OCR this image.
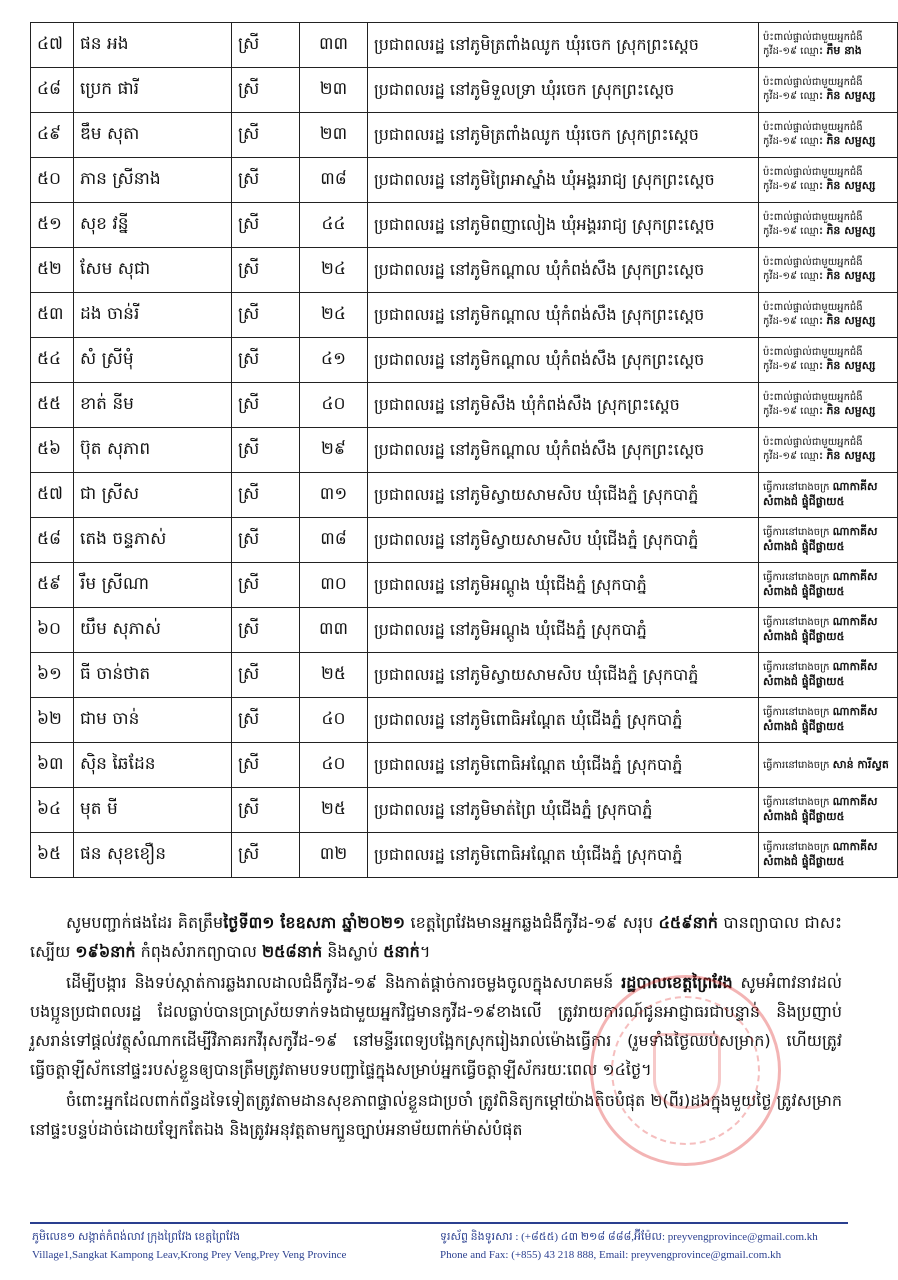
៤៧	ផន អង	ស្រី	៣៣	ប្រជាពលរដ្ឋ នៅភូមិត្រពាំងឈូក ឃុំរចេក ស្រុកព្រះស្ដេច	ប៉ះពាល់ផ្ទាល់ជាមួយអ្នកជំងឺ កូវីដ-១៩ ឈ្មោះ ភឹម នាង
៤៨	ប្រេក ផារី	ស្រី	២៣	ប្រជាពលរដ្ឋ នៅភូមិទួលទ្រា ឃុំរចេក ស្រុកព្រះស្ដេច	ប៉ះពាល់ផ្ទាល់ជាមួយអ្នកជំងឺ កូវីដ-១៩ ឈ្មោះ ភិន សម្ផស្ស
៤៩	ឌឹម សុតា	ស្រី	២៣	ប្រជាពលរដ្ឋ នៅភូមិត្រពាំងឈូក ឃុំរចេក ស្រុកព្រះស្ដេច	ប៉ះពាល់ផ្ទាល់ជាមួយអ្នកជំងឺ កូវីដ-១៩ ឈ្មោះ ភិន សម្ផស្ស
៥០	ភាន ស្រីនាង	ស្រី	៣៨	ប្រជាពលរដ្ឋ នៅភូមិព្រៃអាស្នាំង ឃុំអង្គររាជ្យ ស្រុកព្រះស្ដេច	ប៉ះពាល់ផ្ទាល់ជាមួយអ្នកជំងឺ កូវីដ-១៩ ឈ្មោះ ភិន សម្ផស្ស
៥១	សុខ វន្នី	ស្រី	៤៤	ប្រជាពលរដ្ឋ នៅភូមិពញាលៀង ឃុំអង្គររាជ្យ ស្រុកព្រះស្ដេច	ប៉ះពាល់ផ្ទាល់ជាមួយអ្នកជំងឺ កូវីដ-១៩ ឈ្មោះ ភិន សម្ផស្ស
៥២	សែម សុជា	ស្រី	២៤	ប្រជាពលរដ្ឋ នៅភូមិកណ្ដាល ឃុំកំពង់សឹង ស្រុកព្រះស្ដេច	ប៉ះពាល់ផ្ទាល់ជាមួយអ្នកជំងឺ កូវីដ-១៩ ឈ្មោះ ភិន សម្ផស្ស
៥៣	ដង ចាន់រី	ស្រី	២៤	ប្រជាពលរដ្ឋ នៅភូមិកណ្ដាល ឃុំកំពង់សឹង ស្រុកព្រះស្ដេច	ប៉ះពាល់ផ្ទាល់ជាមួយអ្នកជំងឺ កូវីដ-១៩ ឈ្មោះ ភិន សម្ផស្ស
៥៤	សំ ស្រីមុំ	ស្រី	៤១	ប្រជាពលរដ្ឋ នៅភូមិកណ្ដាល ឃុំកំពង់សឹង ស្រុកព្រះស្ដេច	ប៉ះពាល់ផ្ទាល់ជាមួយអ្នកជំងឺ កូវីដ-១៩ ឈ្មោះ ភិន សម្ផស្ស
៥៥	ខាត់ នីម	ស្រី	៤០	ប្រជាពលរដ្ឋ នៅភូមិសឹង ឃុំកំពង់សឹង ស្រុកព្រះស្ដេច	ប៉ះពាល់ផ្ទាល់ជាមួយអ្នកជំងឺ កូវីដ-១៩ ឈ្មោះ ភិន សម្ផស្ស
៥៦	ប៊ុត សុភាព	ស្រី	២៩	ប្រជាពលរដ្ឋ នៅភូមិកណ្ដាល ឃុំកំពង់សឹង ស្រុកព្រះស្ដេច	ប៉ះពាល់ផ្ទាល់ជាមួយអ្នកជំងឺ កូវីដ-១៩ ឈ្មោះ ភិន សម្ផស្ស
៥៧	ជា ស្រីស	ស្រី	៣១	ប្រជាពលរដ្ឋ នៅភូមិស្វាយសាមសិប ឃុំជើងភ្នំ ស្រុកបាភ្នំ	ធ្វើការនៅរោងចក្រ ណាកាគីស សំពាងជំ ផ្ទុំជីផ្លាយ៥
៥៨	តេង ចន្ទភាស់	ស្រី	៣៨	ប្រជាពលរដ្ឋ នៅភូមិស្វាយសាមសិប ឃុំជើងភ្នំ ស្រុកបាភ្នំ	ធ្វើការនៅរោងចក្រ ណាកាគីស សំពាងជំ ផ្ទុំជីផ្លាយ៥
៥៩	រឹម ស្រីណា	ស្រី	៣០	ប្រជាពលរដ្ឋ នៅភូមិអណ្ដូង ឃុំជើងភ្នំ ស្រុកបាភ្នំ	ធ្វើការនៅរោងចក្រ ណាកាគីស សំពាងជំ ផ្ទុំជីផ្លាយ៥
៦០	យឹម សុភាស់	ស្រី	៣៣	ប្រជាពលរដ្ឋ នៅភូមិអណ្ដូង ឃុំជើងភ្នំ ស្រុកបាភ្នំ	ធ្វើការនៅរោងចក្រ ណាកាគីស សំពាងជំ ផ្ទុំជីផ្លាយ៥
៦១	ធី ចាន់ថាត	ស្រី	២៥	ប្រជាពលរដ្ឋ នៅភូមិស្វាយសាមសិប ឃុំជើងភ្នំ ស្រុកបាភ្នំ	ធ្វើការនៅរោងចក្រ ណាកាគីស សំពាងជំ ផ្ទុំជីផ្លាយ៥
៦២	ជាម ចាន់	ស្រី	៤០	ប្រជាពលរដ្ឋ នៅភូមិពោធិអណ្ដែត ឃុំជើងភ្នំ ស្រុកបាភ្នំ	ធ្វើការនៅរោងចក្រ ណាកាគីស សំពាងជំ ផ្ទុំជីផ្លាយ៥
៦៣	ស៊ិន ឆៃដែន	ស្រី	៤០	ប្រជាពលរដ្ឋ នៅភូមិពោធិអណ្ដែត ឃុំជើងភ្នំ ស្រុកបាភ្នំ	ធ្វើការនៅរោងចក្រ សាន់ ការីស្វត
៦៤	មុត មី	ស្រី	២៥	ប្រជាពលរដ្ឋ នៅភូមិមាត់ព្រៃ ឃុំជើងភ្នំ ស្រុកបាភ្នំ	ធ្វើការនៅរោងចក្រ ណាកាគីស សំពាងជំ ផ្ទុំជីផ្លាយ៥
៦៥	ផន សុខខឿន	ស្រី	៣២	ប្រជាពលរដ្ឋ នៅភូមិពោធិអណ្ដែត ឃុំជើងភ្នំ ស្រុកបាភ្នំ	ធ្វើការនៅរោងចក្រ ណាកាគីស សំពាងជំ ផ្ទុំជីផ្លាយ៥

សូមបញ្ជាក់ផងដែរ គិតត្រឹមថ្ងៃទី៣១ ខែឧសភា ឆ្នាំ២០២១ ខេត្តព្រៃវែងមានអ្នកឆ្លងជំងឺកូវីដ-១៩ សរុប ៤៥៩នាក់ បានព្យាបាល ជាសះស្បើយ ១៩៦នាក់ កំពុងសំរាកព្យាបាល ២៥៨នាក់ និងស្លាប់ ៥នាក់។

ដើម្បីបង្ការ និងទប់ស្កាត់ការឆ្លងរាលដាលជំងឺកូវីដ-១៩ និងកាត់ផ្ដាច់ការចម្លងចូលក្នុងសហគមន៍ រដ្ឋបាលខេត្តព្រៃវែង សូមអំពាវនាវដល់ បងប្អូនប្រជាពលរដ្ឋ ដែលធ្លាប់បានប្រាស្រ័យទាក់ទងជាមួយអ្នកវិជ្ជមានកូវីដ-១៩ខាងលើ ត្រូវរាយការណ៍ជូនអាជ្ញាធរជាបន្ទាន់ និងប្រញាប់រួសរាន់ទៅផ្ដល់វត្ថុសំណាកដើម្បីវិភាគរកវីរុសកូវីដ-១៩ នៅមន្ទីរពេទ្យបង្អែកស្រុករៀងរាល់ម៉ោងធ្វើការ (រួមទាំងថ្ងៃឈប់សម្រាក) ហើយត្រូវធ្វើចត្តាឡីស័កនៅផ្ទះរបស់ខ្លួនឲ្យបានត្រឹមត្រូវតាមបទបញ្ជាផ្ទៃក្នុងសម្រាប់អ្នកធ្វើចត្តាឡីស័ករយៈពេល ១៤ថ្ងៃ។

ចំពោះអ្នកដែលពាក់ព័ន្ធដទៃទៀតត្រូវតាមដានសុខភាពផ្ទាល់ខ្លួនជាប្រចាំ ត្រូវពិនិត្យកម្ដៅយ៉ាងតិចបំផុត ២(ពីរ)ដងក្នុងមួយថ្ងៃ ត្រូវសម្រាកនៅផ្ទះបន្ទប់ដាច់ដោយឡែកតែឯង និងត្រូវអនុវត្តតាមក្បួនច្បាប់អនាម័យពាក់ម៉ាស់បំផុត

ភូមិលេខ១ សង្កាត់កំពង់លាវ ក្រុងព្រៃវែង ខេត្តព្រៃវែង
Village1,Sangkat Kampong Leav,Krong Prey Veng,Prey Veng Province
ទូរស័ព្ទ និងទូរសារ : (+៨៥៥) ៤៣ ២១៨ ៨៨៨,អ៊ីម៉ែល: preyvengprovince@gmail.com.kh
Phone and Fax: (+855) 43 218 888, Email: preyvengprovince@gmail.com.kh
